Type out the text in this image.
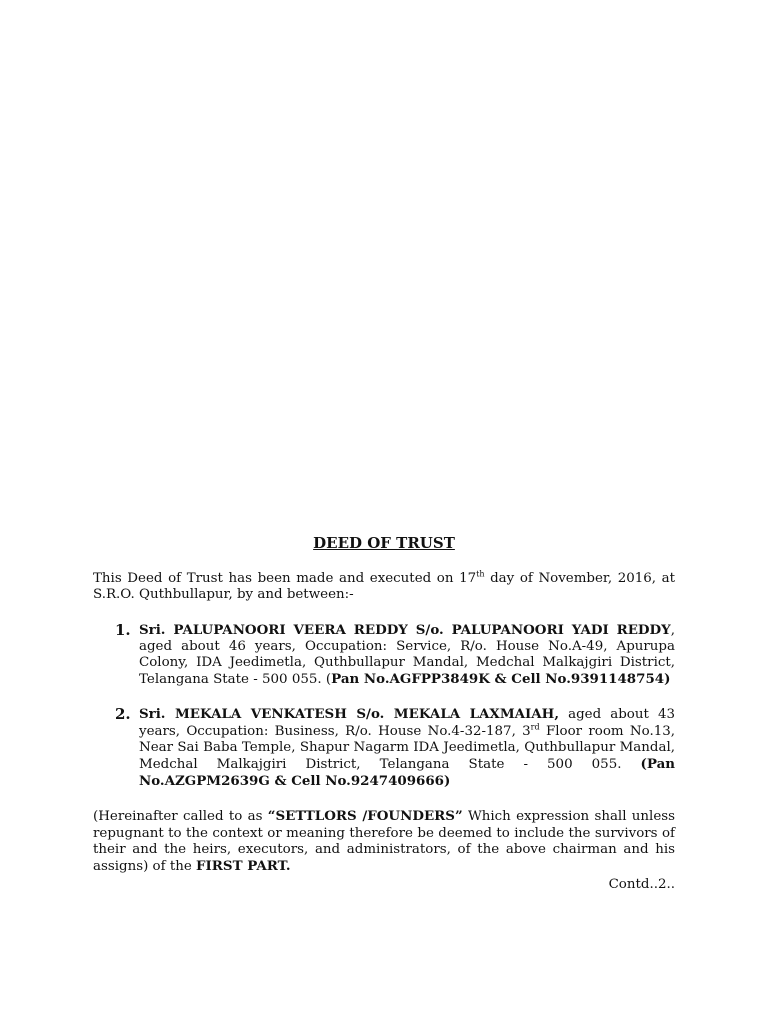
DEED OF TRUST

This Deed of Trust has been made and executed on 17th day of November, 2016, at S.R.O. Quthbullapur, by and between:-

1. Sri. PALUPANOORI VEERA REDDY S/o. PALUPANOORI YADI REDDY, aged about 46 years, Occupation: Service, R/o. House No.A-49, Apurupa Colony, IDA Jeedimetla, Quthbullapur Mandal, Medchal Malkajgiri District, Telangana State - 500 055. (Pan No.AGFPP3849K & Cell No.9391148754)
2. Sri. MEKALA VENKATESH S/o. MEKALA LAXMAIAH, aged about 43 years, Occupation: Business, R/o. House No.4-32-187, 3rd Floor room No.13, Near Sai Baba Temple, Shapur Nagarm IDA Jeedimetla, Quthbullapur Mandal, Medchal Malkajgiri District, Telangana State - 500 055. (Pan No.AZGPM2639G & Cell No.9247409666)

(Hereinafter called to as “SETTLORS /FOUNDERS” Which expression shall unless repugnant to the context or meaning therefore be deemed to include the survivors of their and the heirs, executors, and administrators, of the above chairman and his assigns) of the FIRST PART.

Contd..2..
